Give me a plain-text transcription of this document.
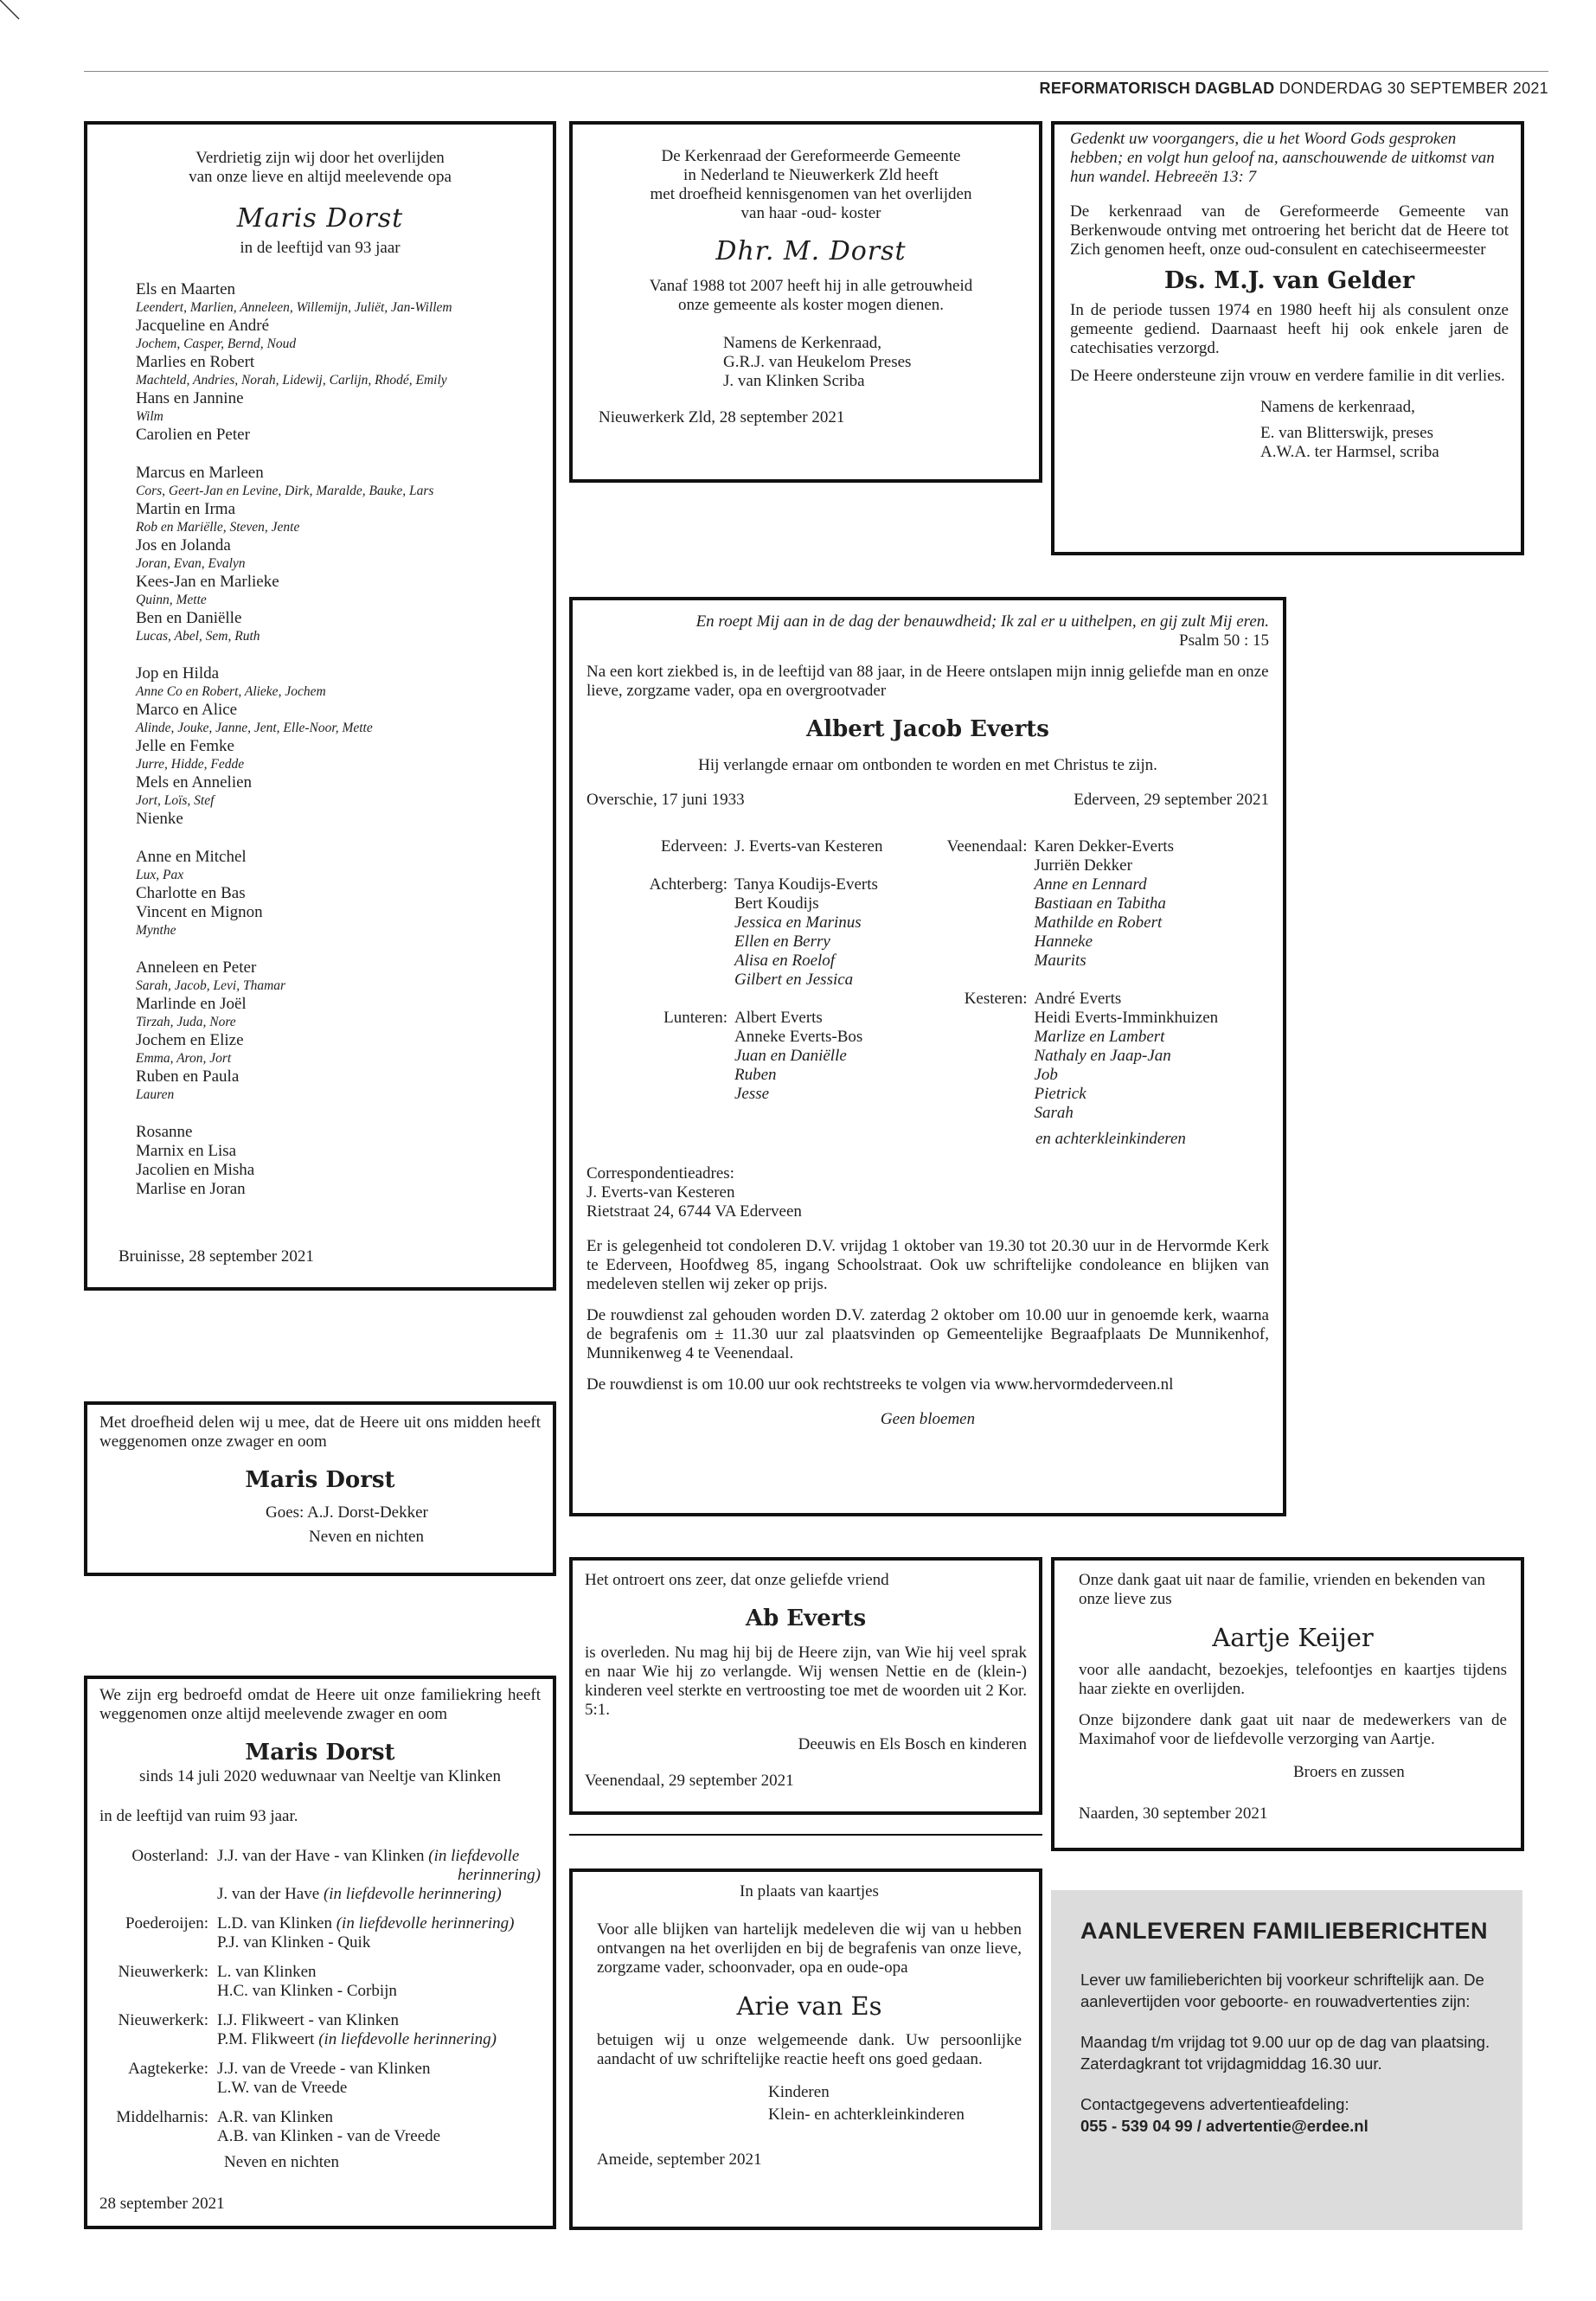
REFORMATORISCH DAGBLAD DONDERDAG 30 SEPTEMBER 2021

Verdrietig zijn wij door het overlijden

van onze lieve en altijd meelevende opa

Maris Dorst

in de leeftijd van 93 jaar

Els en Maarten

Leendert, Marlien, Anneleen, Willemijn, Juliët, Jan-Willem

Jacqueline en André

Jochem, Casper, Bernd, Noud

Marlies en Robert

Machteld, Andries, Norah, Lidewij, Carlijn, Rhodé, Emily

Hans en Jannine

Wilm

Carolien en Peter

Marcus en Marleen

Cors, Geert-Jan en Levine, Dirk, Maralde, Bauke, Lars

Martin en Irma

Rob en Mariëlle, Steven, Jente

Jos en Jolanda

Joran, Evan, Evalyn

Kees-Jan en Marlieke

Quinn, Mette

Ben en Daniëlle

Lucas, Abel, Sem, Ruth

Jop en Hilda

Anne Co en Robert, Alieke, Jochem

Marco en Alice

Alinde, Jouke, Janne, Jent, Elle-Noor, Mette

Jelle en Femke

Jurre, Hidde, Fedde

Mels en Annelien

Jort, Loïs, Stef

Nienke

Anne en Mitchel

Lux, Pax

Charlotte en Bas

Vincent en Mignon

Mynthe

Anneleen en Peter

Sarah, Jacob, Levi, Thamar

Marlinde en Joël

Tirzah, Juda, Nore

Jochem en Elize

Emma, Aron, Jort

Ruben en Paula

Lauren

Rosanne

Marnix en Lisa

Jacolien en Misha

Marlise en Joran

Bruinisse, 28 september 2021

De Kerkenraad der Gereformeerde Gemeente

in Nederland te Nieuwerkerk Zld heeft

met droefheid kennisgenomen van het overlijden

van haar -oud- koster

Dhr. M. Dorst

Vanaf 1988 tot 2007 heeft hij in alle getrouwheid

onze gemeente als koster mogen dienen.

Namens de Kerkenraad,

G.R.J. van Heukelom Preses

J. van Klinken Scriba

Nieuwerkerk Zld, 28 september 2021

Gedenkt uw voorgangers, die u het Woord Gods gesproken hebben; en volgt hun geloof na, aanschouwende de uitkomst van hun wandel. Hebreeën 13: 7

De kerkenraad van de Gereformeerde Gemeente van Berkenwoude ontving met ontroering het bericht dat de Heere tot Zich genomen heeft, onze oud-consulent en catechiseermeester

Ds. M.J. van Gelder

In de periode tussen 1974 en 1980 heeft hij als consulent onze gemeente gediend. Daarnaast heeft hij ook enkele jaren de catechisaties verzorgd.

De Heere ondersteune zijn vrouw en verdere familie in dit verlies.

Namens de kerkenraad,

E. van Blitterswijk, preses

A.W.A. ter Harmsel, scriba

En roept Mij aan in de dag der benauwdheid; Ik zal er u uithelpen, en gij zult Mij eren.

Psalm 50 : 15

Na een kort ziekbed is, in de leeftijd van 88 jaar, in de Heere ontslapen mijn innig geliefde man en onze lieve, zorgzame vader, opa en overgrootvader

Albert Jacob Everts

Hij verlangde ernaar om ontbonden te worden en met Christus te zijn.

Overschie, 17 juni 1933	Ederveen, 29 september 2021
Ederveen: J. Everts-van Kesteren

Achterberg: Tanya Koudijs-Everts

Bert Koudijs

Jessica en Marinus

Ellen en Berry

Alisa en Roelof

Gilbert en Jessica

Lunteren: Albert Everts

Anneke Everts-Bos

Juan en Daniëlle

Ruben

Jesse

Veenendaal: Karen Dekker-Everts

Jurriën Dekker

Anne en Lennard

Bastiaan en Tabitha

Mathilde en Robert

Hanneke

Maurits

Kesteren: André Everts

Heidi Everts-Imminkhuizen

Marlize en Lambert

Nathaly en Jaap-Jan

Job

Pietrick

Sarah

en achterkleinkinderen

Correspondentieadres:

J. Everts-van Kesteren

Rietstraat 24, 6744 VA Ederveen

Er is gelegenheid tot condoleren D.V. vrijdag 1 oktober van 19.30 tot 20.30 uur in de Hervormde Kerk te Ederveen, Hoofdweg 85, ingang Schoolstraat. Ook uw schriftelijke condoleance en blijken van medeleven stellen wij zeker op prijs.

De rouwdienst zal gehouden worden D.V. zaterdag 2 oktober om 10.00 uur in genoemde kerk, waarna de begrafenis om ± 11.30 uur zal plaatsvinden op Gemeentelijke Begraafplaats De Munnikenhof, Munnikenweg 4 te Veenendaal.

De rouwdienst is om 10.00 uur ook rechtstreeks te volgen via www.hervormdederveen.nl

Geen bloemen

Met droefheid delen wij u mee, dat de Heere uit ons midden heeft weggenomen onze zwager en oom

Maris Dorst

Goes: A.J. Dorst-Dekker

Neven en nichten

We zijn erg bedroefd omdat de Heere uit onze familiekring heeft weggenomen onze altijd meelevende zwager en oom

Maris Dorst

sinds 14 juli 2020 weduwnaar van Neeltje van Klinken

in de leeftijd van ruim 93 jaar.

Oosterland: J.J. van der Have - van Klinken (in liefdevolle

herinnering)

J. van der Have (in liefdevolle herinnering)

Poederoijen: L.D. van Klinken (in liefdevolle herinnering)

P.J. van Klinken - Quik

Nieuwerkerk: L. van Klinken

H.C. van Klinken - Corbijn

Nieuwerkerk: I.J. Flikweert - van Klinken

P.M. Flikweert (in liefdevolle herinnering)

Aagtekerke: J.J. van de Vreede - van Klinken

L.W. van de Vreede

Middelharnis: A.R. van Klinken

A.B. van Klinken - van de Vreede

Neven en nichten

28 september 2021

Het ontroert ons zeer, dat onze geliefde vriend

Ab Everts

is overleden. Nu mag hij bij de Heere zijn, van Wie hij veel sprak en naar Wie hij zo verlangde. Wij wensen Nettie en de (klein-) kinderen veel sterkte en vertroosting toe met de woorden uit 2 Kor. 5:1.

Deeuwis en Els Bosch en kinderen

Veenendaal, 29 september 2021

Onze dank gaat uit naar de familie, vrienden en bekenden van onze lieve zus

Aartje Keijer

voor alle aandacht, bezoekjes, telefoontjes en kaartjes tijdens haar ziekte en overlijden.

Onze bijzondere dank gaat uit naar de medewerkers van de Maximahof voor de liefdevolle verzorging van Aartje.

Broers en zussen

Naarden, 30 september 2021

In plaats van kaartjes

Voor alle blijken van hartelijk medeleven die wij van u hebben ontvangen na het overlijden en bij de begrafenis van onze lieve, zorgzame vader, schoonvader, opa en oude-opa

Arie van Es

betuigen wij u onze welgemeende dank. Uw persoonlijke aandacht of uw schriftelijke reactie heeft ons goed gedaan.

Kinderen

Klein- en achterkleinkinderen

Ameide, september 2021

AANLEVEREN FAMILIEBERICHTEN

Lever uw familieberichten bij voorkeur schriftelijk aan. De aanlevertijden voor geboorte- en rouwadvertenties zijn:

Maandag t/m vrijdag tot 9.00 uur op de dag van plaatsing.

Zaterdagkrant tot vrijdagmiddag 16.30 uur.

Contactgegevens advertentieafdeling:

055 - 539 04 99 / advertentie@erdee.nl
